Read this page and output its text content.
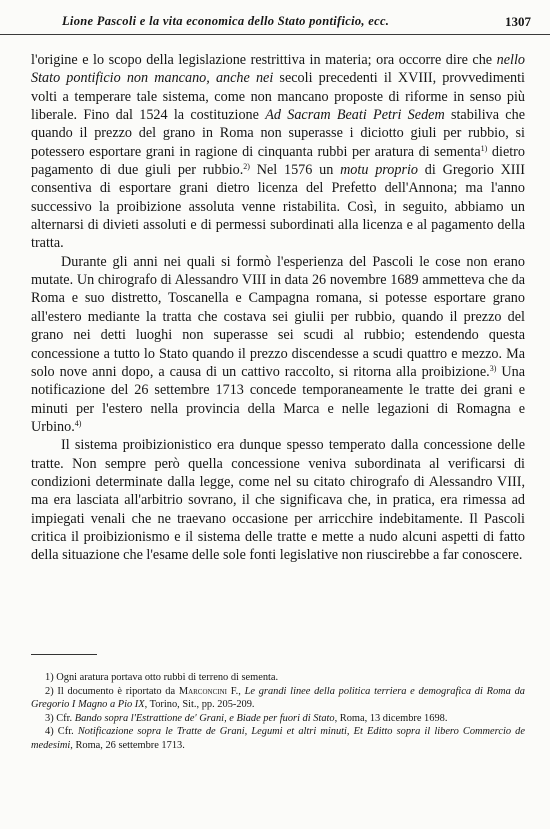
Lione Pascoli e la vita economica dello Stato pontificio, ecc.	1307

l'origine e lo scopo della legislazione restrittiva in materia; ora occorre dire che nello Stato pontificio non mancano, anche nei secoli precedenti il XVIII, provvedimenti volti a temperare tale sistema, come non mancano proposte di riforme in senso più liberale. Fino dal 1524 la costituzione Ad Sacram Beati Petri Sedem stabiliva che quando il prezzo del grano in Roma non superasse i diciotto giuli per rubbio, si potessero esportare grani in ragione di cinquanta rubbi per aratura di sementa$^{1)}$ dietro pagamento di due giuli per rubbio.$^{2)}$ Nel 1576 un motu proprio di Gregorio XIII consentiva di esportare grani dietro licenza del Prefetto dell'Annona; ma l'anno successivo la proibizione assoluta venne ristabilita. Così, in seguito, abbiamo un alternarsi di divieti assoluti e di permessi subordinati alla licenza e al pagamento della tratta.

Durante gli anni nei quali si formò l'esperienza del Pascoli le cose non erano mutate. Un chirografo di Alessandro VIII in data 26 novembre 1689 ammetteva che da Roma e suo distretto, Toscanella e Campagna romana, si potesse esportare grano all'estero mediante la tratta che costava sei giulii per rubbio, quando il prezzo del grano nei detti luoghi non superasse sei scudi al rubbio; estendendo questa concessione a tutto lo Stato quando il prezzo discendesse a scudi quattro e mezzo. Ma solo nove anni dopo, a causa di un cattivo raccolto, si ritorna alla proibizione.$^{3)}$ Una notificazione del 26 settembre 1713 concede temporaneamente le tratte dei grani e minuti per l'estero nella provincia della Marca e nelle legazioni di Romagna e Urbino.$^{4)}$

Il sistema proibizionistico era dunque spesso temperato dalla concessione delle tratte. Non sempre però quella concessione veniva subordinata al verificarsi di condizioni determinate dalla legge, come nel su citato chirografo di Alessandro VIII, ma era lasciata all'arbitrio sovrano, il che significava che, in pratica, era rimessa ad impiegati venali che ne traevano occasione per arricchire indebitamente. Il Pascoli critica il proibizionismo e il sistema delle tratte e mette a nudo alcuni aspetti di fatto della situazione che l'esame delle sole fonti legislative non riuscirebbe a far conoscere.

1) Ogni aratura portava otto rubbi di terreno di sementa.

2) Il documento è riportato da Marconcini F., Le grandi linee della politica terriera e demografica di Roma da Gregorio I Magno a Pio IX, Torino, Sit., pp. 205-209.

3) Cfr. Bando sopra l'Estrattione de' Grani, e Biade per fuori di Stato, Roma, 13 dicembre 1698.

4) Cfr. Notificazione sopra le Tratte de Grani, Legumi et altri minuti, Et Editto sopra il libero Commercio de medesimi, Roma, 26 settembre 1713.
